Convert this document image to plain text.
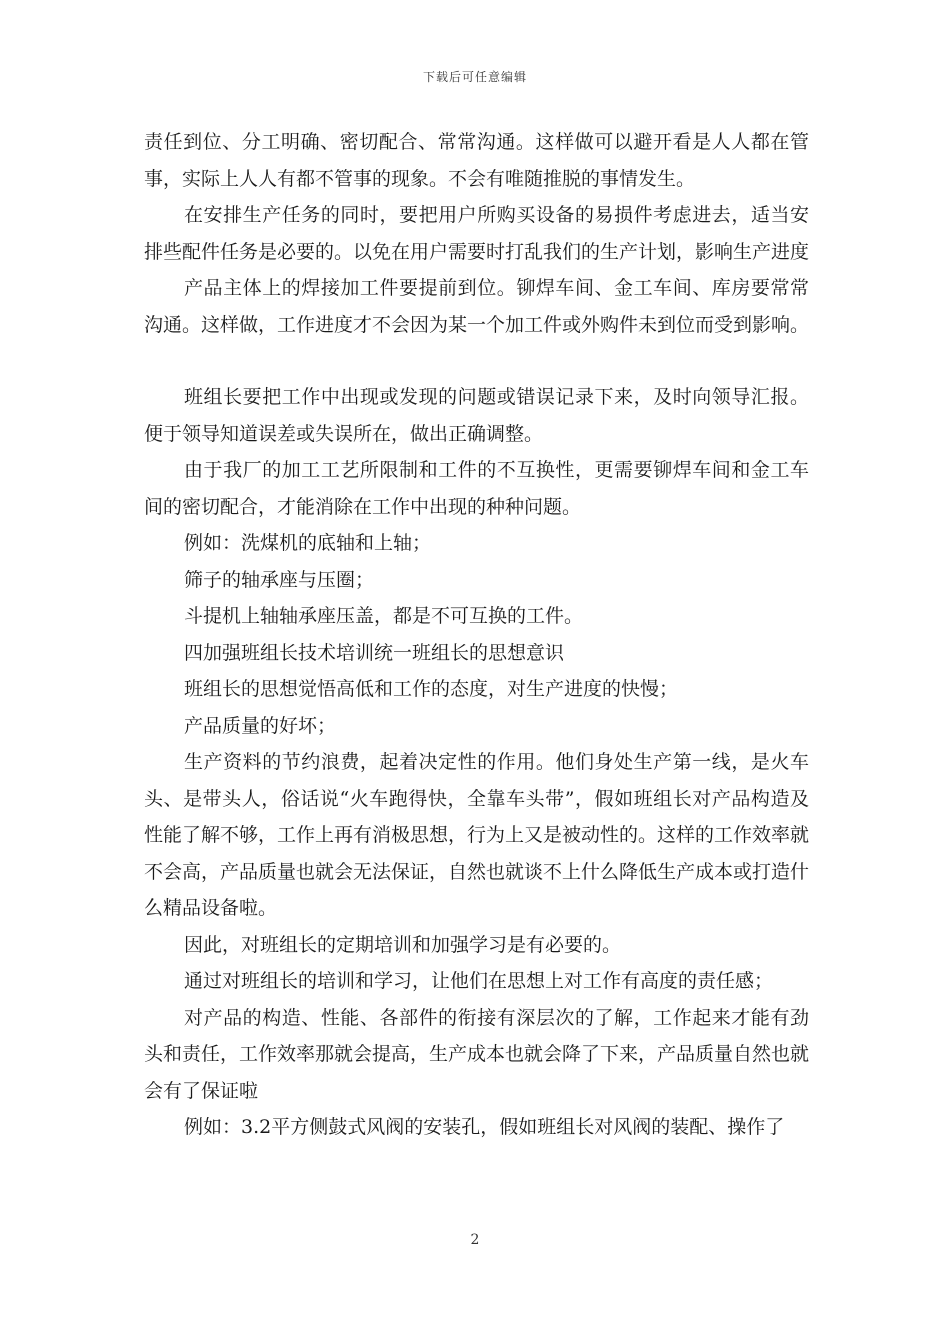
下载后可任意编辑

责任到位、分工明确、密切配合、常常沟通。这样做可以避开看是人人都在管事，实际上人人有都不管事的现象。不会有唯随推脱的事情发生。

在安排生产任务的同时，要把用户所购买设备的易损件考虑进去，适当安排些配件任务是必要的。以免在用户需要时打乱我们的生产计划，影响生产进度

产品主体上的焊接加工件要提前到位。铆焊车间、金工车间、库房要常常沟通。这样做，工作进度才不会因为某一个加工件或外购件未到位而受到影响。

班组长要把工作中出现或发现的问题或错误记录下来，及时向领导汇报。便于领导知道误差或失误所在，做出正确调整。

由于我厂的加工工艺所限制和工件的不互换性，更需要铆焊车间和金工车间的密切配合，才能消除在工作中出现的种种问题。

例如：洗煤机的底轴和上轴；

筛子的轴承座与压圈；

斗提机上轴轴承座压盖，都是不可互换的工件。

四加强班组长技术培训统一班组长的思想意识

班组长的思想觉悟高低和工作的态度，对生产进度的快慢；

产品质量的好坏；

生产资料的节约浪费，起着决定性的作用。他们身处生产第一线，是火车头、是带头人，俗话说“火车跑得快，全靠车头带”，假如班组长对产品构造及性能了解不够，工作上再有消极思想，行为上又是被动性的。这样的工作效率就不会高，产品质量也就会无法保证，自然也就谈不上什么降低生产成本或打造什么精品设备啦。

因此，对班组长的定期培训和加强学习是有必要的。

通过对班组长的培训和学习，让他们在思想上对工作有高度的责任感；

对产品的构造、性能、各部件的衔接有深层次的了解，工作起来才能有劲头和责任，工作效率那就会提高，生产成本也就会降了下来，产品质量自然也就会有了保证啦

例如：3.2平方侧鼓式风阀的安装孔，假如班组长对风阀的装配、操作了

2
